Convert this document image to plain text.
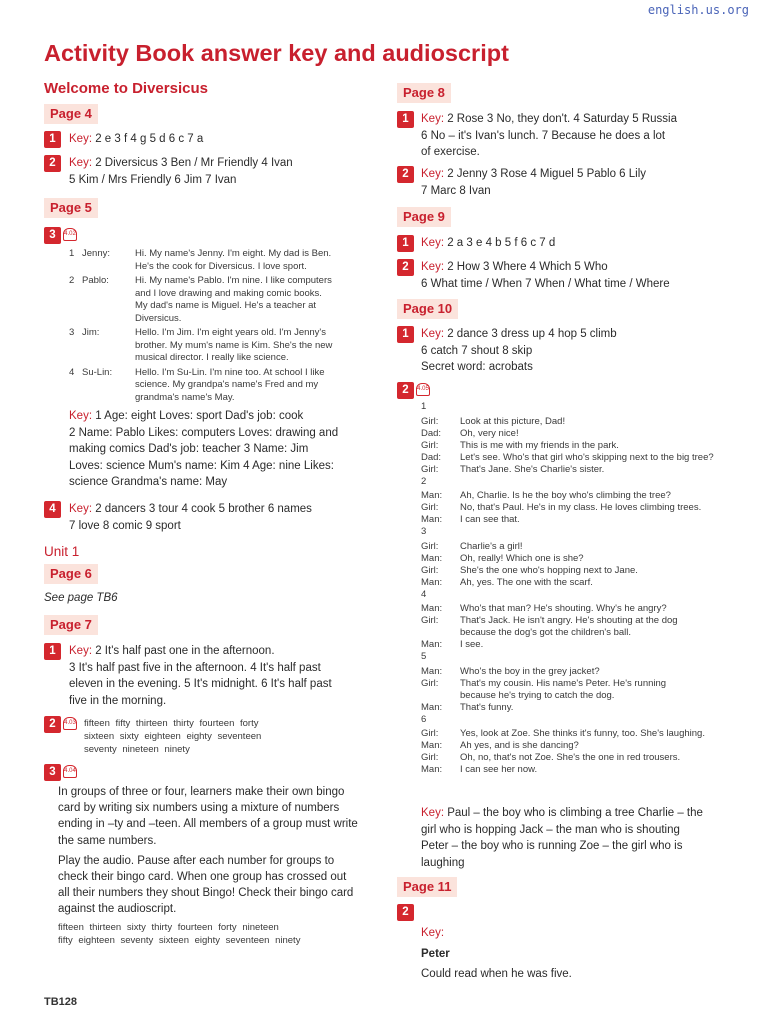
english.us.org
Activity Book answer key and audioscript
Welcome to Diversicus
Page 4
1	Key: 2 e 3 f 4 g 5 d 6 c 7 a
2	Key: 2 Diversicus 3 Ben / Mr Friendly 4 Ivan
5 Kim / Mrs Friendly 6 Jim 7 Ivan
Page 5
3	4.02
1 Jenny:	Hi. My name's Jenny. I'm eight. My dad is Ben.
He's the cook for Diversicus. I love sport.
2 Pablo:	Hi. My name's Pablo. I'm nine. I like computers
and I love drawing and making comic books.
My dad's name is Miguel. He's a teacher at
Diversicus.
3 Jim:	Hello. I'm Jim. I'm eight years old. I'm Jenny's
brother. My mum's name is Kim. She's the new
musical director. I really like science.
4 Su-Lin:	Hello. I'm Su-Lin. I'm nine too. At school I like
science. My grandpa's name's Fred and my
grandma's name's May.
Key: 1 Age: eight Loves: sport Dad's job: cook
2 Name: Pablo Likes: computers Loves: drawing and
making comics Dad's job: teacher 3 Name: Jim
Loves: science Mum's name: Kim 4 Age: nine Likes:
science Grandma's name: May
4	Key: 2 dancers 3 tour 4 cook 5 brother 6 names
7 love 8 comic 9 sport
Unit 1
Page 6
See page TB6
Page 7
1	Key: 2 It's half past one in the afternoon.
3 It's half past five in the afternoon. 4 It's half past
eleven in the evening. 5 It's midnight. 6 It's half past
five in the morning.
2	4.03 fifteen fifty thirteen thirty fourteen forty
sixteen sixty eighteen eighty seventeen
seventy nineteen ninety
3	4.04
In groups of three or four, learners make their own bingo
card by writing six numbers using a mixture of numbers
ending in –ty and –teen. All members of a group must write
the same numbers.
Play the audio. Pause after each number for groups to
check their bingo card. When one group has crossed out
all their numbers they shout Bingo! Check their bingo card
against the audioscript.
fifteen thirteen sixty thirty fourteen forty nineteen
fifty eighteen seventy sixteen eighty seventeen ninety
TB128
Page 8
1	Key: 2 Rose 3 No, they don't. 4 Saturday 5 Russia
6 No – it's Ivan's lunch. 7 Because he does a lot
of exercise.
2	Key: 2 Jenny 3 Rose 4 Miguel 5 Pablo 6 Lily
7 Marc 8 Ivan
Page 9
1	Key: 2 a 3 e 4 b 5 f 6 c 7 d
2	Key: 2 How 3 Where 4 Which 5 Who
6 What time / When 7 When / What time / Where
Page 10
1	Key: 2 dance 3 dress up 4 hop 5 climb
6 catch 7 shout 8 skip
Secret word: acrobats
2	4.05
1
Girl:	Look at this picture, Dad!
Dad:	Oh, very nice!
Girl:	This is me with my friends in the park.
Dad:	Let's see. Who's that girl who's skipping next to the big tree?
Girl:	That's Jane. She's Charlie's sister.
2
Man:	Ah, Charlie. Is he the boy who's climbing the tree?
Girl:	No, that's Paul. He's in my class. He loves climbing trees.
Man:	I can see that.
3
Girl:	Charlie's a girl!
Man:	Oh, really! Which one is she?
Girl:	She's the one who's hopping next to Jane.
Man:	Ah, yes. The one with the scarf.
4
Man:	Who's that man? He's shouting. Why's he angry?
Girl:	That's Jack. He isn't angry. He's shouting at the dog
because the dog's got the children's ball.
Man:	I see.
5
Man:	Who's the boy in the grey jacket?
Girl:	That's my cousin. His name's Peter. He's running
because he's trying to catch the dog.
Man:	That's funny.
6
Girl:	Yes, look at Zoe. She thinks it's funny, too. She's laughing.
Man:	Ah yes, and is she dancing?
Girl:	Oh, no, that's not Zoe. She's the one in red trousers.
Man:	I can see her now.
Key: Paul – the boy who is climbing a tree Charlie – the
girl who is hopping Jack – the man who is shouting
Peter – the boy who is running Zoe – the girl who is
laughing
Page 11
2
Key:
Peter
Could read when he was five.
